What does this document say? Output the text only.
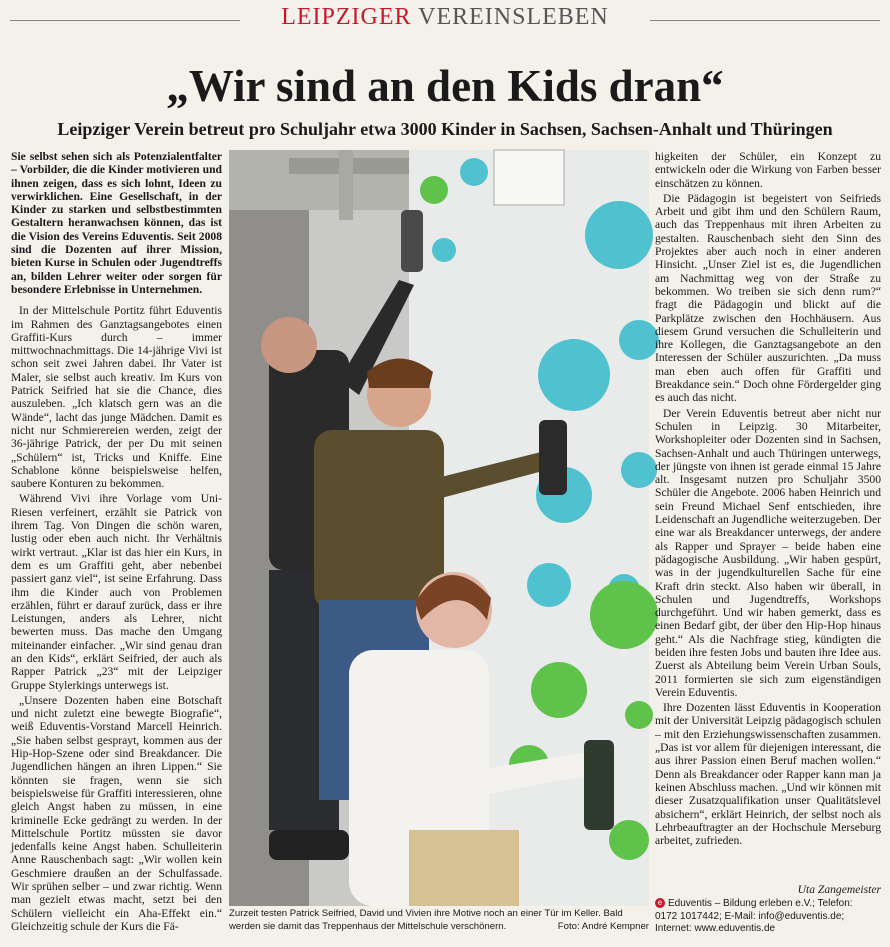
LEIPZIGER VEREINSLEBEN
„Wir sind an den Kids dran“
Leipziger Verein betreut pro Schuljahr etwa 3000 Kinder in Sachsen, Sachsen-Anhalt und Thüringen

Sie selbst sehen sich als Potenzialentfalter – Vorbilder, die die Kinder motivieren und ihnen zeigen, dass es sich lohnt, Ideen zu verwirklichen. Eine Gesellschaft, in der Kinder zu starken und selbstbestimmten Gestaltern heranwachsen können, das ist die Vision des Vereins Eduventis. Seit 2008 sind die Dozenten auf ihrer Mission, bieten Kurse in Schulen oder Jugendtreffs an, bilden Lehrer weiter oder sorgen für besondere Erlebnisse in Unternehmen.

In der Mittelschule Portitz führt Eduventis im Rahmen des Ganztagsangebotes einen Graffiti-Kurs durch – immer mittwochnachmittags. Die 14-jährige Vivi ist schon seit zwei Jahren dabei. Ihr Vater ist Maler, sie selbst auch kreativ. Im Kurs von Patrick Seifried hat sie die Chance, dies auszuleben. „Ich klatsch gern was an die Wände“, lacht das junge Mädchen. Damit es nicht nur Schmierereien werden, zeigt der 36-jährige Patrick, der per Du mit seinen „Schülern“ ist, Tricks und Kniffe. Eine Schablone könne beispielsweise helfen, saubere Konturen zu bekommen.

Während Vivi ihre Vorlage vom Uni-Riesen verfeinert, erzählt sie Patrick von ihrem Tag. Von Dingen die schön waren, lustig oder eben auch nicht. Ihr Verhältnis wirkt vertraut. „Klar ist das hier ein Kurs, in dem es um Graffiti geht, aber nebenbei passiert ganz viel“, ist seine Erfahrung. Dass ihm die Kinder auch von Problemen erzählen, führt er darauf zurück, dass er ihre Leistungen, anders als Lehrer, nicht bewerten muss. Das mache den Umgang miteinander einfacher. „Wir sind genau dran an den Kids“, erklärt Seifried, der auch als Rapper Patrick „23“ mit der Leipziger Gruppe Stylerkings unterwegs ist.

„Unsere Dozenten haben eine Botschaft und nicht zuletzt eine bewegte Biografie“, weiß Eduventis-Vorstand Marcell Heinrich. „Sie haben selbst gesprayt, kommen aus der Hip-Hop-Szene oder sind Breakdancer. Die Jugendlichen hängen an ihren Lippen.“ Sie könnten sie fragen, wenn sie sich beispielsweise für Graffiti interessieren, ohne gleich Angst haben zu müssen, in eine kriminelle Ecke gedrängt zu werden. In der Mittelschule Portitz müssten sie davor jedenfalls keine Angst haben. Schulleiterin Anne Rauschenbach sagt: „Wir wollen kein Geschmiere draußen an der Schulfassade. Wir sprühen selber – und zwar richtig. Wenn man gezielt etwas macht, setzt bei den Schülern vielleicht ein Aha-Effekt ein.“ Gleichzeitig schule der Kurs die Fä-

Zurzeit testen Patrick Seifried, David und Vivien ihre Motive noch an einer Tür im Keller. Bald werden sie damit das Treppenhaus der Mittelschule verschönern.	Foto: André Kempner

higkeiten der Schüler, ein Konzept zu entwickeln oder die Wirkung von Farben besser einschätzen zu können.

Die Pädagogin ist begeistert von Seifrieds Arbeit und gibt ihm und den Schülern Raum, auch das Treppenhaus mit ihren Arbeiten zu gestalten. Rauschenbach sieht den Sinn des Projektes aber auch noch in einer anderen Hinsicht. „Unser Ziel ist es, die Jugendlichen am Nachmittag weg von der Straße zu bekommen. Wo treiben sie sich denn rum?“ fragt die Pädagogin und blickt auf die Parkplätze zwischen den Hochhäusern. Aus diesem Grund versuchen die Schulleiterin und ihre Kollegen, die Ganztagsangebote an den Interessen der Schüler auszurichten. „Da muss man eben auch offen für Graffiti und Breakdance sein.“ Doch ohne Fördergelder ging es auch das nicht.

Der Verein Eduventis betreut aber nicht nur Schulen in Leipzig. 30 Mitarbeiter, Workshopleiter oder Dozenten sind in Sachsen, Sachsen-Anhalt und auch Thüringen unterwegs, der jüngste von ihnen ist gerade einmal 15 Jahre alt. Insgesamt nutzen pro Schuljahr 3500 Schüler die Angebote. 2006 haben Heinrich und sein Freund Michael Senf entschieden, ihre Leidenschaft an Jugendliche weiterzugeben. Der eine war als Breakdancer unterwegs, der andere als Rapper und Sprayer – beide haben eine pädagogische Ausbildung. „Wir haben gespürt, was in der jugendkulturellen Sache für eine Kraft drin steckt. Also haben wir überall, in Schulen und Jugendtreffs, Workshops durchgeführt. Und wir haben gemerkt, dass es einen Bedarf gibt, der über den Hip-Hop hinaus geht.“ Als die Nachfrage stieg, kündigten die beiden ihre festen Jobs und bauten ihre Idee aus. Zuerst als Abteilung beim Verein Urban Souls, 2011 formierten sie sich zum eigenständigen Verein Eduventis.

Ihre Dozenten lässt Eduventis in Kooperation mit der Universität Leipzig pädagogisch schulen – mit den Erziehungswissenschaften zusammen. „Das ist vor allem für diejenigen interessant, die aus ihrer Passion einen Beruf machen wollen.“ Denn als Breakdancer oder Rapper kann man ja keinen Abschluss machen. „Und wir können mit dieser Zusatzqualifikation unser Qualitätslevel absichern“, erklärt Heinrich, der selbst noch als Lehrbeauftragter an der Hochschule Merseburg arbeitet, zufrieden.

Uta Zangemeister
e Eduventis – Bildung erleben e.V.; Telefon:
0172 1017442; E-Mail: info@eduventis.de;
Internet: www.eduventis.de
